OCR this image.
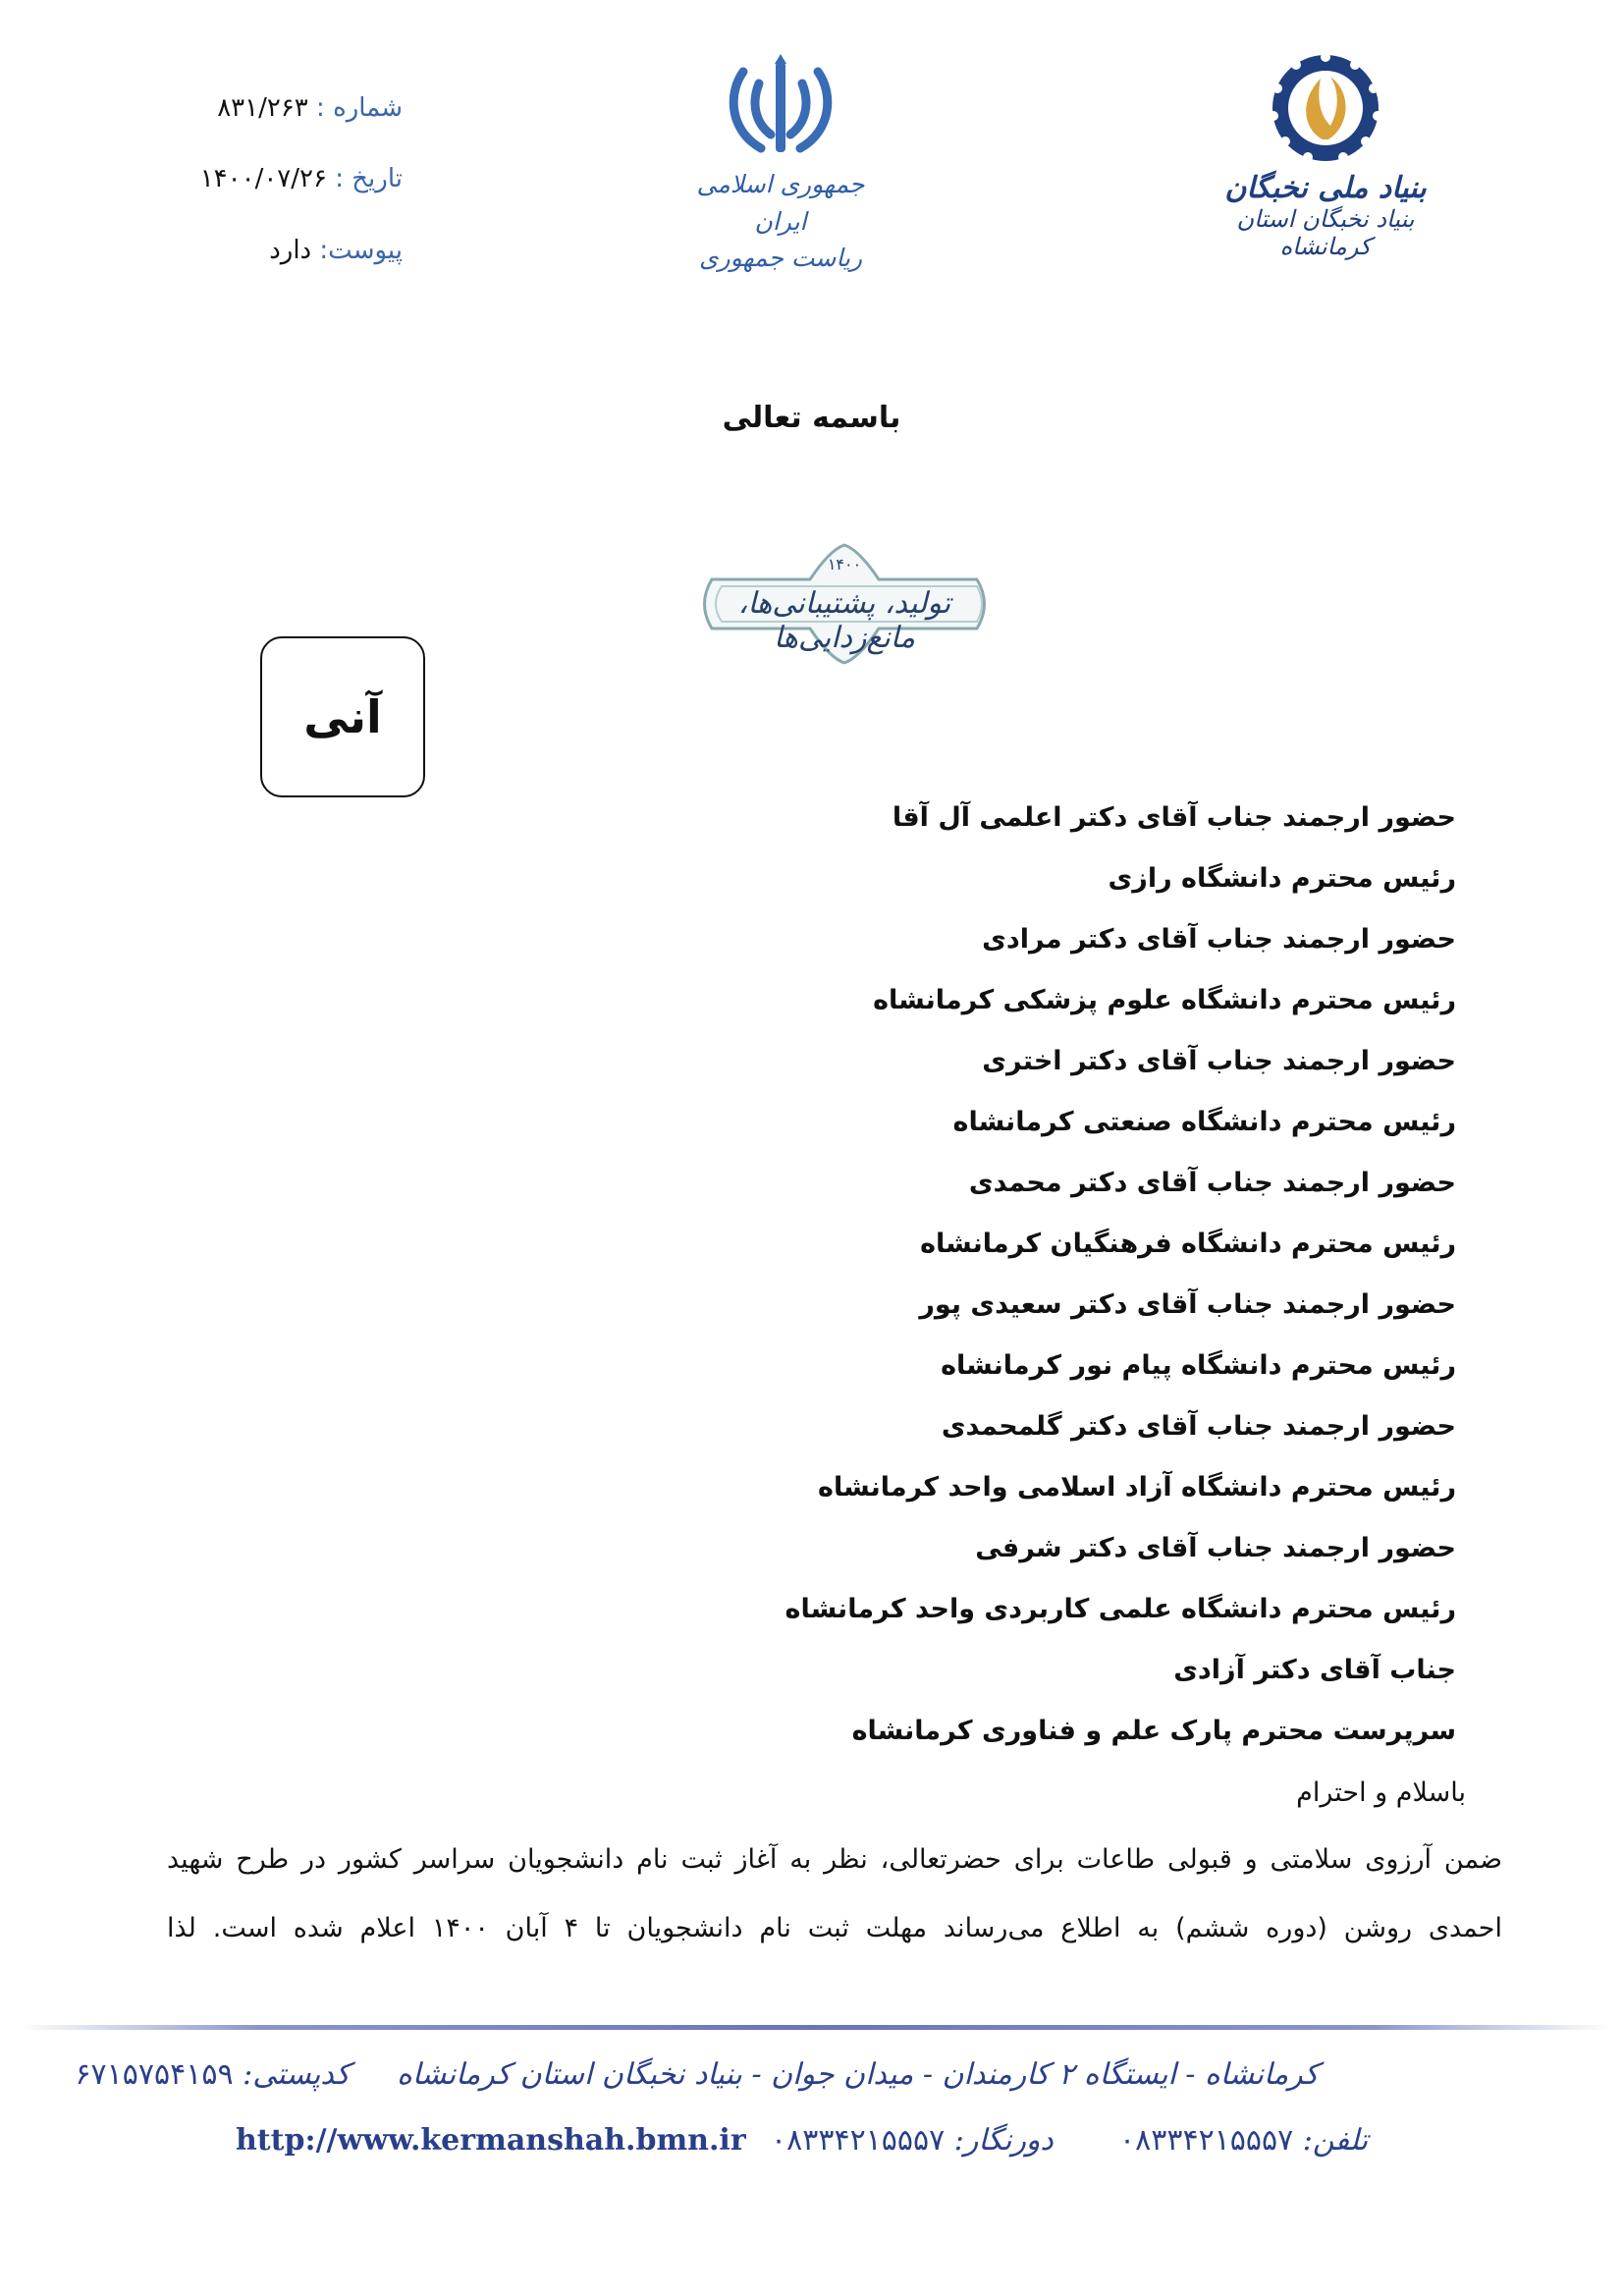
شماره : ۸۳۱/۲۶۳
تاریخ : ۱۴۰۰/۰۷/۲۶
پیوست: دارد
جمهوری اسلامی ایران
ریاست جمهوری
بنیاد ملی نخبگان
بنیاد نخبگان استان کرمانشاه
باسمه تعالی
۱۴۰۰
تولید، پشتیبانی‌ها، مانع‌زدایی‌ها
آنی
حضور ارجمند جناب آقای دکتر اعلمی آل آقا
رئیس محترم دانشگاه رازی
حضور ارجمند جناب آقای دکتر مرادی
رئیس محترم دانشگاه علوم پزشکی کرمانشاه
حضور ارجمند جناب آقای دکتر اختری
رئیس محترم دانشگاه صنعتی کرمانشاه
حضور ارجمند جناب آقای دکتر محمدی
رئیس محترم دانشگاه فرهنگیان کرمانشاه
حضور ارجمند جناب آقای دکتر سعیدی پور
رئیس محترم دانشگاه پیام نور کرمانشاه
حضور ارجمند جناب آقای دکتر گلمحمدی
رئیس محترم دانشگاه آزاد اسلامی واحد کرمانشاه
حضور ارجمند جناب آقای دکتر شرفی
رئیس محترم دانشگاه علمی کاربردی واحد کرمانشاه
جناب آقای دکتر آزادی
سرپرست محترم پارک علم و فناوری کرمانشاه
باسلام و احترام
ضمن آرزوی سلامتی و قبولی طاعات برای حضرتعالی، نظر به آغاز ثبت نام دانشجویان سراسر کشور در طرح شهید
احمدی روشن (دوره ششم) به اطلاع می‌رساند مهلت ثبت نام دانشجویان تا ۴ آبان ۱۴۰۰ اعلام شده است. لذا
کرمانشاه - ایستگاه ۲ کارمندان - میدان جوان - بنیاد نخبگان استان کرمانشاه     کدپستی: ۶۷۱۵۷۵۴۱۵۹
http://www.kermanshah.bmn.ir	دورنگار: ۰۸۳۳۴۲۱۵۵۵۷	تلفن: ۰۸۳۳۴۲۱۵۵۵۷
